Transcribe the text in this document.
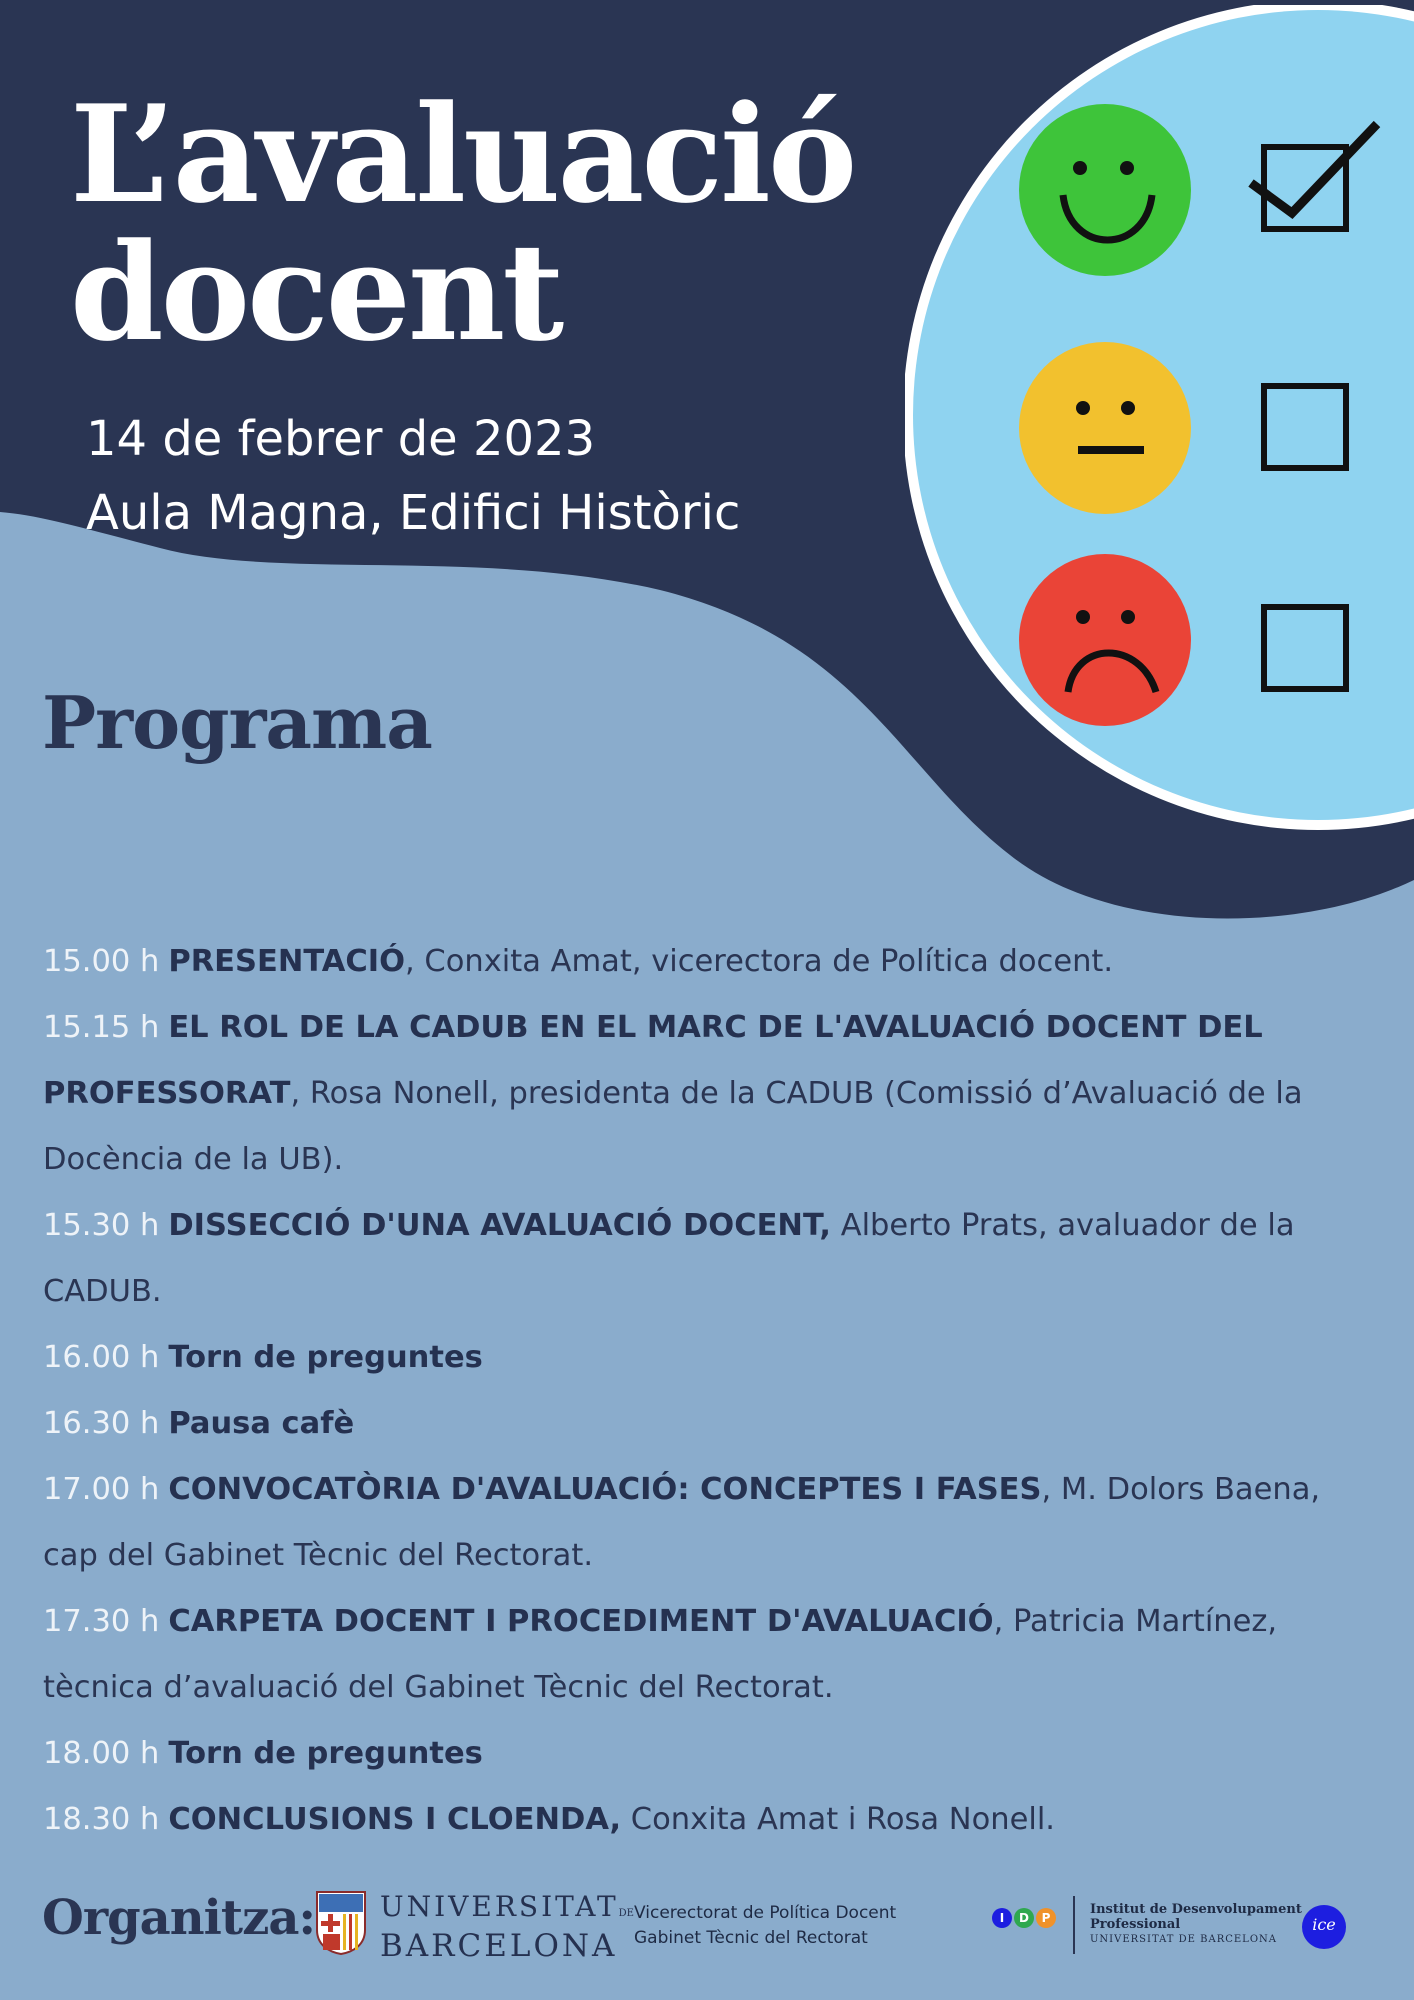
L’avaluació
docent
14 de febrer de 2023
Aula Magna, Edifici Històric
Programa

15.00 h PRESENTACIÓ, Conxita Amat, vicerectora de Política docent.

15.15 h EL ROL DE LA CADUB EN EL MARC DE L'AVALUACIÓ DOCENT DEL PROFESSORAT, Rosa Nonell, presidenta de la CADUB (Comissió d’Avaluació de la Docència de la UB).

15.30 h DISSECCIÓ D'UNA AVALUACIÓ DOCENT, Alberto Prats, avaluador de la CADUB.

16.00 h Torn de preguntes

16.30 h Pausa cafè

17.00 h CONVOCATÒRIA D'AVALUACIÓ: CONCEPTES I FASES, M. Dolors Baena, cap del Gabinet Tècnic del Rectorat.

17.30 h CARPETA DOCENT I PROCEDIMENT D'AVALUACIÓ, Patricia Martínez, tècnica d’avaluació del Gabinet Tècnic del Rectorat.

18.00 h Torn de preguntes

18.30 h CONCLUSIONS I CLOENDA, Conxita Amat i Rosa Nonell.

Organitza: UNIVERSITATDE
BARCELONA
Vicerectorat de Política Docent
Gabinet Tècnic del Rectorat
I D P
Institut de Desenvolupament
Professional
UNIVERSITAT DE BARCELONA
ice
